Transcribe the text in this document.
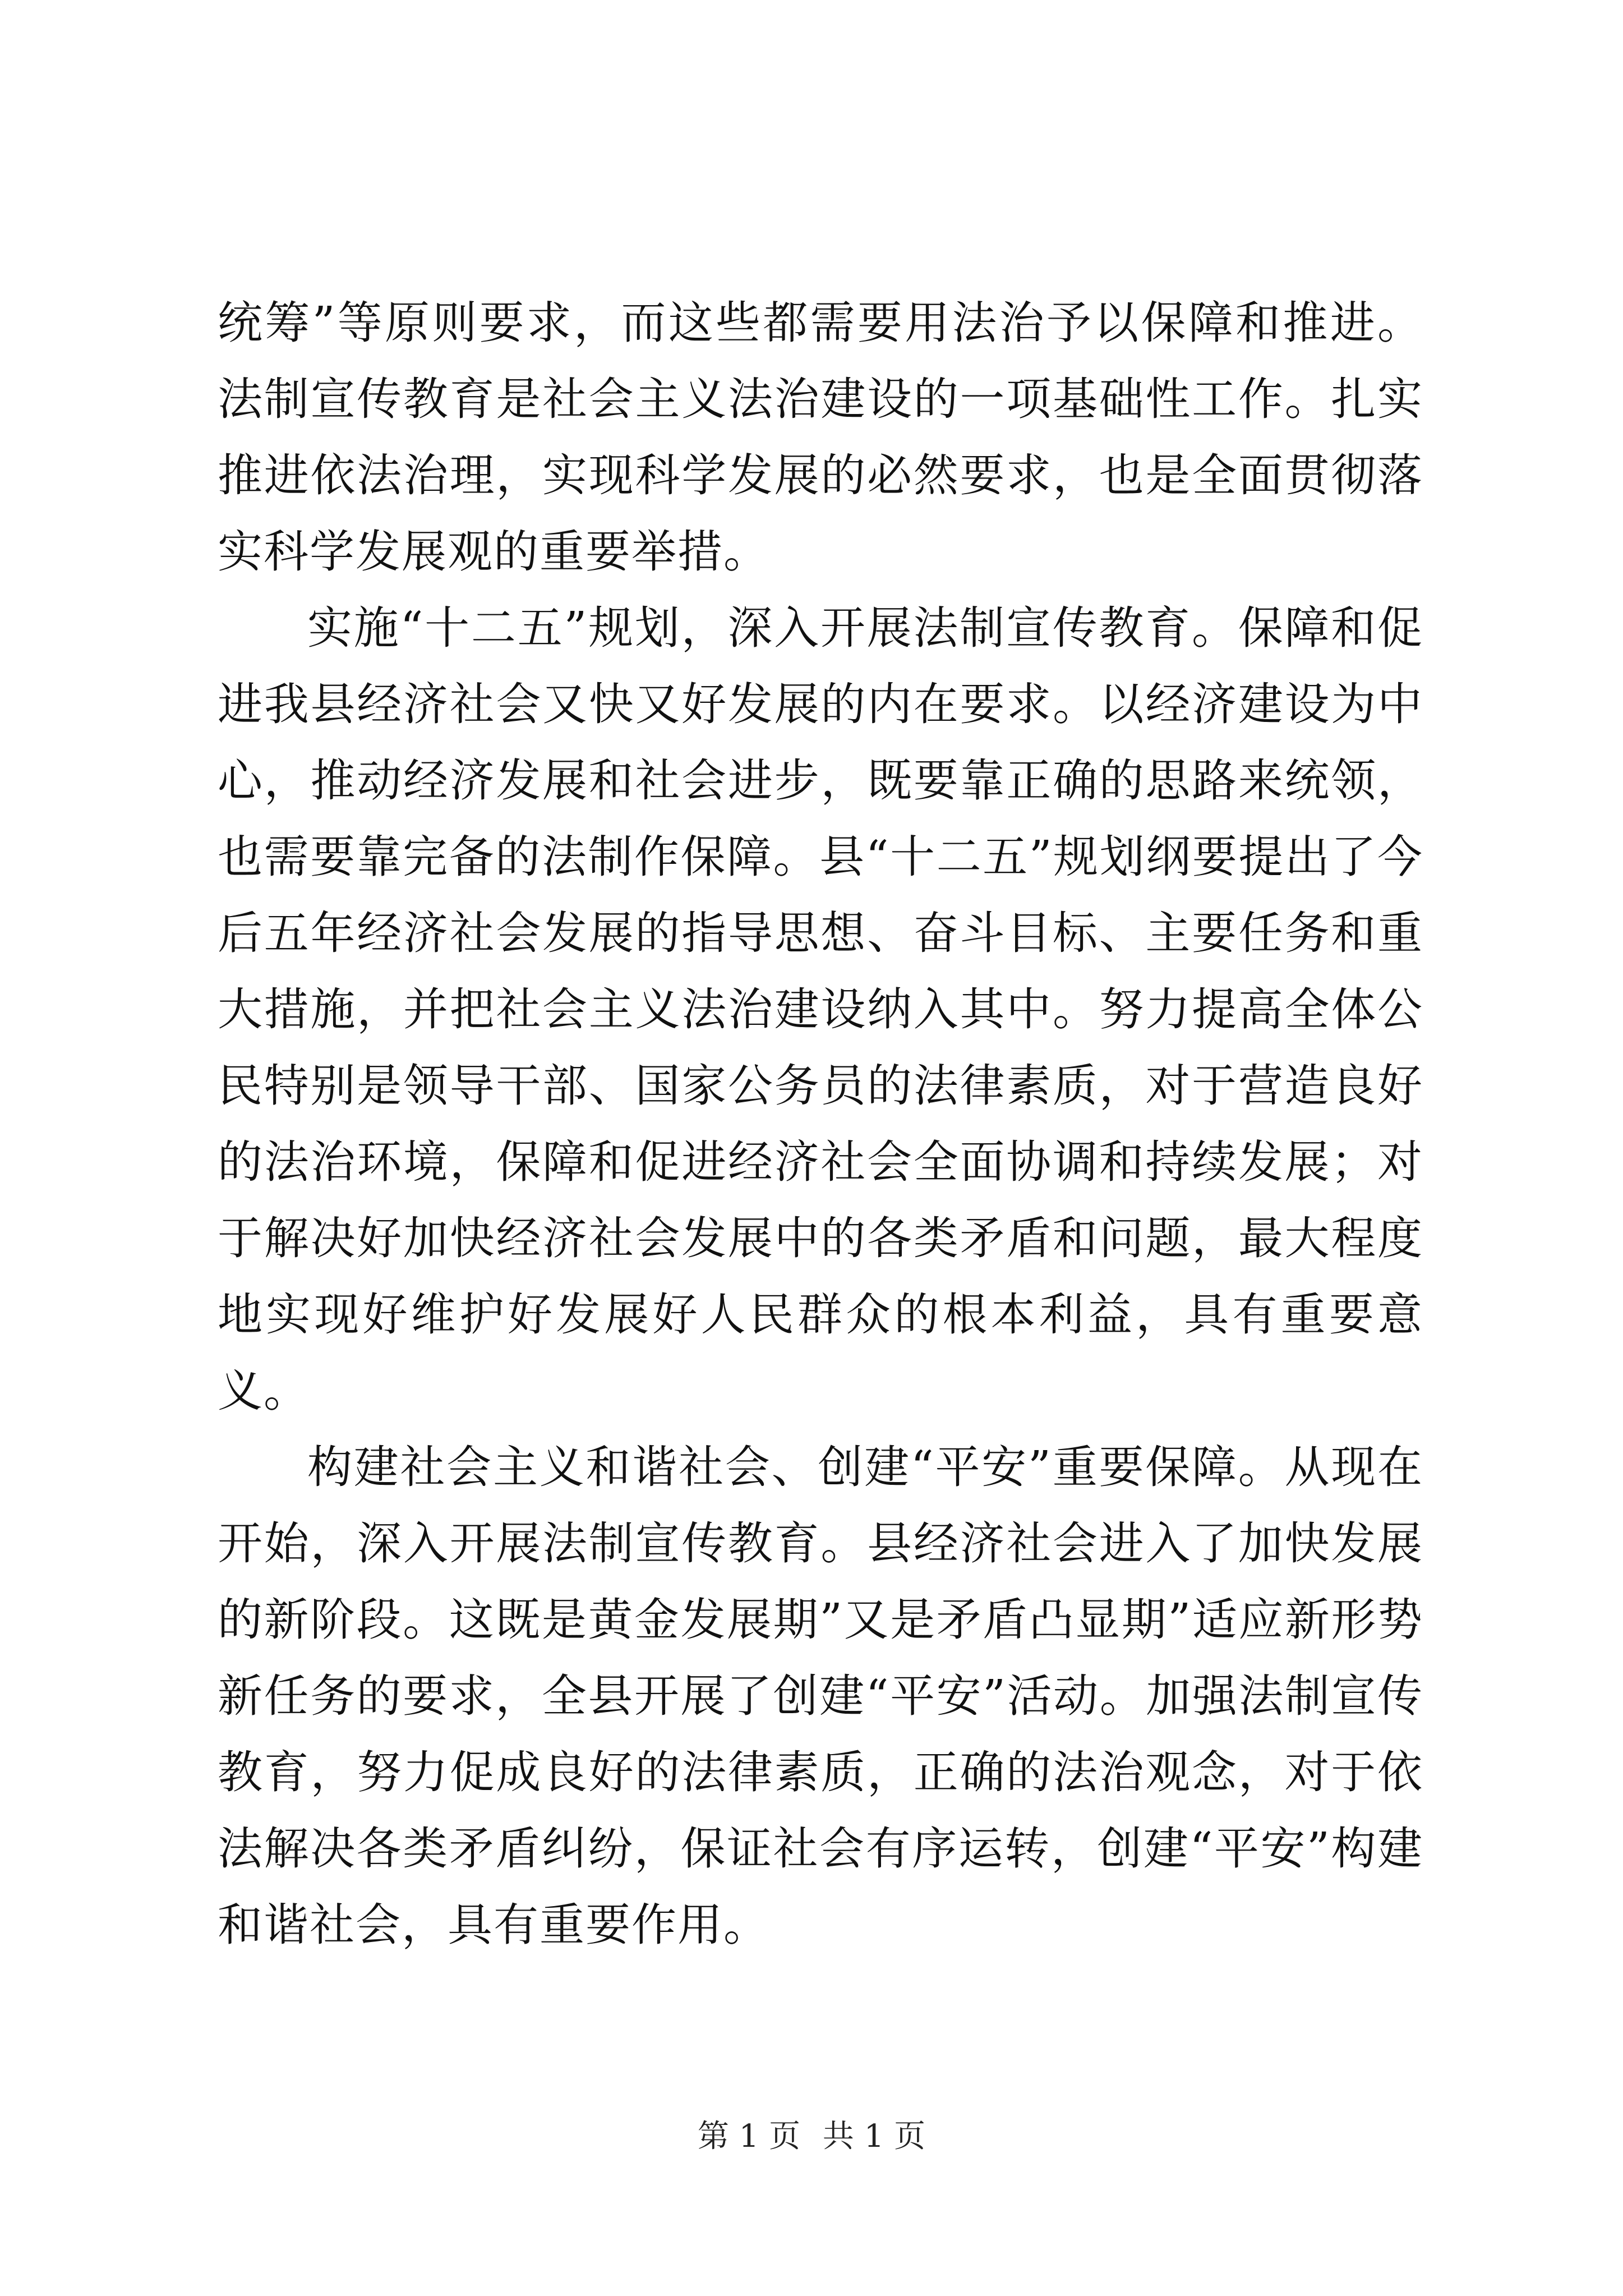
统筹”等原则要求，而这些都需要用法治予以保障和推进。法制宣传教育是社会主义法治建设的一项基础性工作。扎实推进依法治理，实现科学发展的必然要求，也是全面贯彻落实科学发展观的重要举措。

实施“十二五”规划，深入开展法制宣传教育。保障和促进我县经济社会又快又好发展的内在要求。以经济建设为中心，推动经济发展和社会进步，既要靠正确的思路来统领，也需要靠完备的法制作保障。县“十二五”规划纲要提出了今后五年经济社会发展的指导思想、奋斗目标、主要任务和重大措施，并把社会主义法治建设纳入其中。努力提高全体公民特别是领导干部、国家公务员的法律素质，对于营造良好的法治环境，保障和促进经济社会全面协调和持续发展；对于解决好加快经济社会发展中的各类矛盾和问题，最大程度地实现好维护好发展好人民群众的根本利益，具有重要意义。

构建社会主义和谐社会、创建“平安”重要保障。从现在开始，深入开展法制宣传教育。县经济社会进入了加快发展的新阶段。这既是黄金发展期”又是矛盾凸显期”适应新形势新任务的要求，全县开展了创建“平安”活动。加强法制宣传教育，努力促成良好的法律素质，正确的法治观念，对于依法解决各类矛盾纠纷，保证社会有序运转，创建“平安”构建和谐社会，具有重要作用。

第 1 页 共 1 页
